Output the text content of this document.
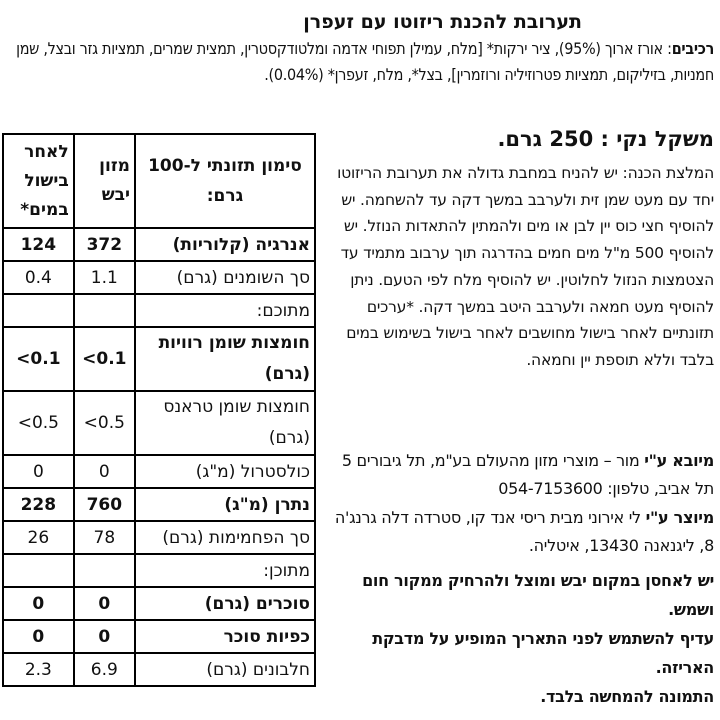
תערובת להכנת ריזוטו עם זעפרן
רכיבים: אורז ארוך (95%), ציר ירקות* [מלח, עמילן תפוחי אדמה ומלטודקסטרין, תמצית שמרים, תמציות גזר ובצל, שמן חמניות, בזיליקום, תמציות פטרוזיליה ורוזמרין], בצל*, מלח, זעפרן* (0.04%).
משקל נקי : 250 גרם.
המלצת הכנה: יש להניח במחבת גדולה את תערובת הריזוטו יחד עם מעט שמן זית ולערבב במשך דקה עד להשחמה. יש להוסיף חצי כוס יין לבן או מים ולהמתין להתאדות הנוזל. יש להוסיף 500 מ"ל מים חמים בהדרגה תוך ערבוב מתמיד עד הצטמצות הנזול לחלוטין. יש להוסיף מלח לפי הטעם. ניתן להוסיף מעט חמאה ולערבב היטב במשך דקה. *ערכים תזונתיים לאחר בישול מחושבים לאחר בישול בשימוש במים בלבד וללא תוספת יין וחמאה.
מיובא ע"י מור – מוצרי מזון מהעולם בע"מ, תל גיבורים 5 תל אביב, טלפון: 054-7153600
מיוצר ע"י לי אירוני מבית ריסי אנד קו, סטרדה דלה גרנג'ה 8, ליגנאנה 13430, איטליה.

יש לאחסן במקום יבש ומוצל ולהרחיק ממקור חום ושמש.

עדיף להשתמש לפני התאריך המופיע על מדבקת האריזה.

התמונה להמחשה בלבד.

סימון תזונתי ל-100 גרם:	מזון יבש	לאחר בישול במים*
אנרגיה (קלוריות)	372	124
סך השומנים (גרם)	1.1	0.4
מתוכם:		
חומצות שומן רוויות (גרם)	0.1>	0.1>
חומצות שומן טראנס (גרם)	0.5>	0.5>
כולסטרול (מ"ג)	0	0
נתרן (מ"ג)	760	228
סך הפחמימות (גרם)	78	26
מתוכן:		
סוכרים (גרם)	0	0
כפיות סוכר	0	0
חלבונים (גרם)	6.9	2.3
